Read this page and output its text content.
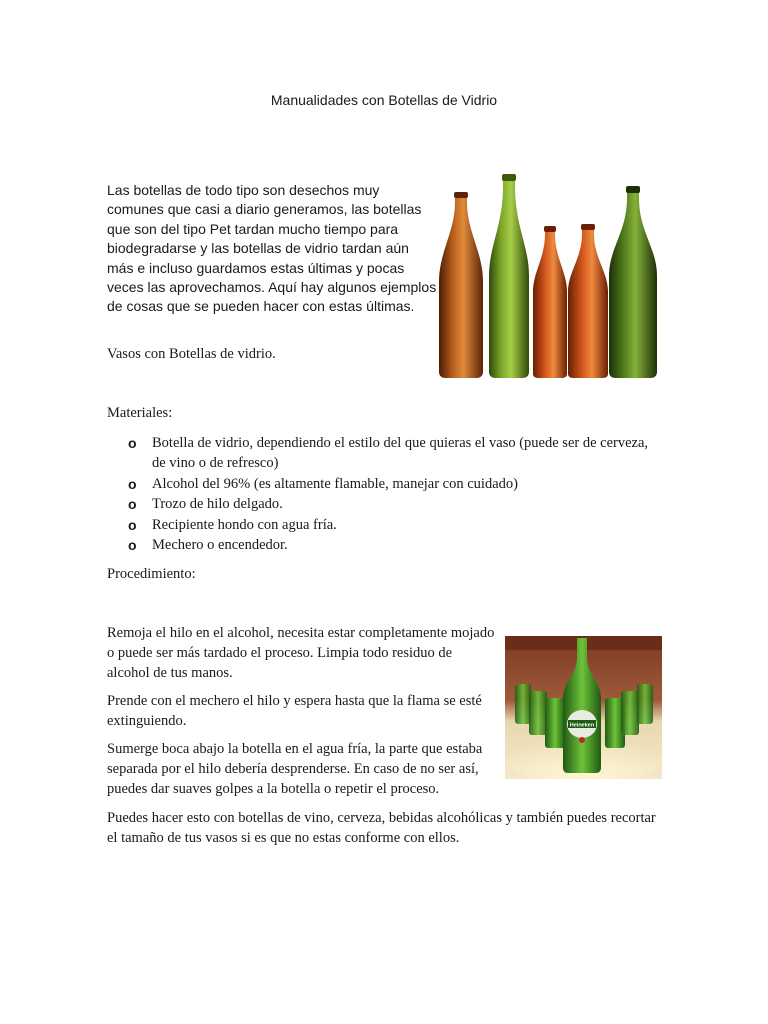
Manualidades con Botellas de Vidrio
Las botellas de todo tipo son desechos muy comunes que casi a diario generamos, las botellas que son del tipo Pet tardan mucho tiempo para biodegradarse y las botellas de vidrio tardan aún más e incluso guardamos estas últimas y pocas veces las aprovechamos. Aquí hay algunos ejemplos de cosas que se pueden hacer con estas últimas.
Vasos con Botellas de vidrio.
Materiales:
o Botella de vidrio, dependiendo el estilo del que quieras el vaso (puede ser de cerveza, de vino o de refresco)
o Alcohol del 96% (es altamente flamable, manejar con cuidado)
o Trozo de hilo delgado.
o Recipiente hondo con agua fría.
o Mechero o encendedor.
Procedimiento:
Heineken
Remoja el hilo en el alcohol, necesita estar completamente mojado o puede ser más tardado el proceso. Limpia todo residuo de alcohol de tus manos.
Prende con el mechero el hilo y espera hasta que la flama se esté extinguiendo.
Sumerge boca abajo la botella en el agua fría, la parte que estaba separada por el hilo debería desprenderse. En caso de no ser así, puedes dar suaves golpes a la botella o repetir el proceso.
Puedes hacer esto con botellas de vino, cerveza, bebidas alcohólicas y también puedes recortar el tamaño de tus vasos si es que no estas conforme con ellos.
